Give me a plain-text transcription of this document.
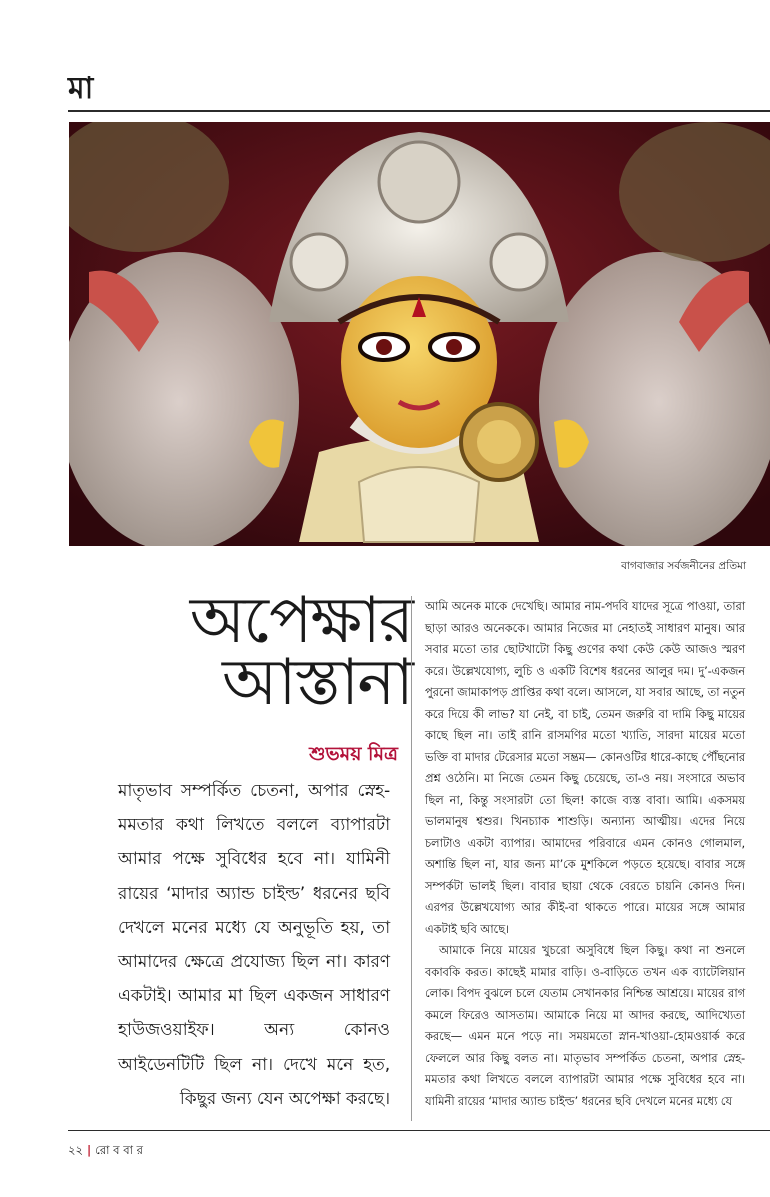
মা
বাগবাজার সর্বজনীনের প্রতিমা
অপেক্ষার
আস্তানা
শুভময় মিত্র
মাতৃভাব সম্পর্কিত চেতনা, অপার স্নেহ-মমতার কথা লিখতে বললে ব্যাপারটা আমার পক্ষে সুবিধের হবে না। যামিনী রায়ের ‘মাদার অ্যান্ড চাইল্ড’ ধরনের ছবি দেখলে মনের মধ্যে যে অনুভূতি হয়, তা আমাদের ক্ষেত্রে প্রযোজ্য ছিল না। কারণ একটাই। আমার মা ছিল একজন সাধারণ হাউজওয়াইফ। অন্য কোনও আইডেনটিটি ছিল না। দেখে মনে হত, কিছুর জন্য যেন অপেক্ষা করছে।

আমি অনেক মাকে দেখেছি। আমার নাম-পদবি যাদের সূত্রে পাওয়া, তারা ছাড়া আরও অনেককে। আমার নিজের মা নেহাতই সাধারণ মানুষ। আর সবার মতো তার ছোটখাটো কিছু গুণের কথা কেউ কেউ আজও স্মরণ করে। উল্লেখযোগ্য, লুচি ও একটি বিশেষ ধরনের আলুর দম। দু’-একজন পুরনো জামাকাপড় প্রাপ্তির কথা বলে। আসলে, যা সবার আছে, তা নতুন করে দিয়ে কী লাভ? যা নেই, বা চাই, তেমন জরুরি বা দামি কিছু মায়ের কাছে ছিল না। তাই রানি রাসমণির মতো খ্যাতি, সারদা মায়ের মতো ভক্তি বা মাদার টেরেসার মতো সম্ভ্রম— কোনওটির ধারে-কাছে পৌঁছনোর প্রশ্ন ওঠেনি। মা নিজে তেমন কিছু চেয়েছে, তা-ও নয়। সংসারে অভাব ছিল না, কিন্তু সংসারটা তো ছিল! কাজে ব্যস্ত বাবা। আমি। একসময় ভালমানুষ শ্বশুর। খিনচ্যাক শাশুড়ি। অন্যান্য আত্মীয়। এদের নিয়ে চলাটাও একটা ব্যাপার। আমাদের পরিবারে এমন কোনও গোলমাল, অশান্তি ছিল না, যার জন্য মা’কে মুশকিলে পড়তে হয়েছে। বাবার সঙ্গে সম্পর্কটা ভালই ছিল। বাবার ছায়া থেকে বেরতে চায়নি কোনও দিন। এরপর উল্লেখযোগ্য আর কীই-বা থাকতে পারে। মায়ের সঙ্গে আমার একটাই ছবি আছে।

আমাকে নিয়ে মায়ের খুচরো অসুবিধে ছিল কিছু। কথা না শুনলে বকাবকি করত। কাছেই মামার বাড়ি। ও-বাড়িতে তখন এক ব্যাটেলিয়ান লোক। বিপদ বুঝলে চলে যেতাম সেখানকার নিশ্চিন্ত আশ্রয়ে। মায়ের রাগ কমলে ফিরেও আসতাম। আমাকে নিয়ে মা আদর করছে, আদিখ্যেতা করছে— এমন মনে পড়ে না। সময়মতো স্নান-খাওয়া-হোমওয়ার্ক করে ফেললে আর কিছু বলত না। মাতৃভাব সম্পর্কিত চেতনা, অপার স্নেহ-মমতার কথা লিখতে বললে ব্যাপারটা আমার পক্ষে সুবিধের হবে না। যামিনী রায়ের ‘মাদার অ্যান্ড চাইল্ড’ ধরনের ছবি দেখলে মনের মধ্যে যে

২২ | রো ব বা র
